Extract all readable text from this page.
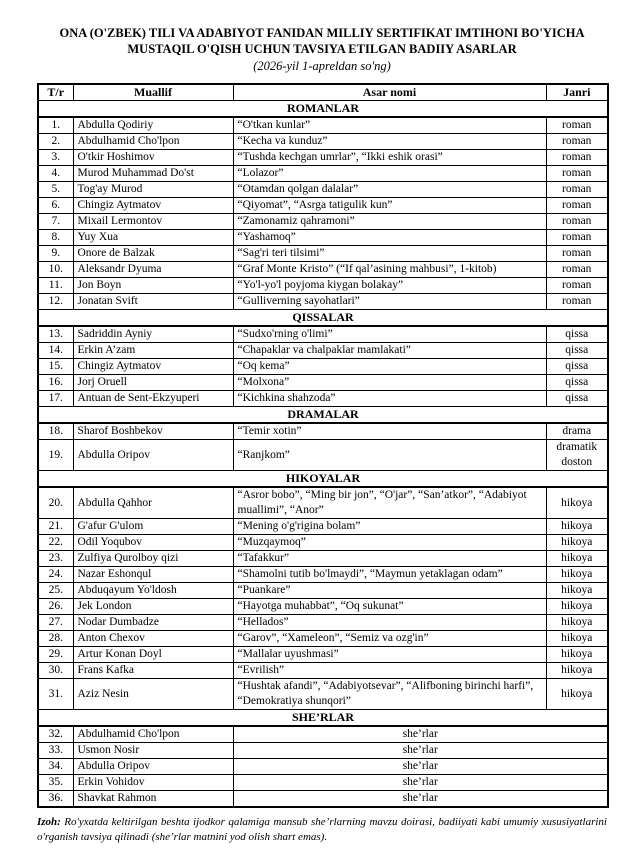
ONA (O'ZBEK) TILI VA ADABIYOT FANIDAN MILLIY SERTIFIKAT IMTIHONI BO'YICHA
MUSTAQIL O'QISH UCHUN TAVSIYA ETILGAN BADIIY ASARLAR
(2026-yil 1-apreldan so'ng)
T/r	Muallif	Asar nomi	Janri
ROMANLAR			
1.	Abdulla Qodiriy	“O'tkan kunlar”	roman
2.	Abdulhamid Cho'lpon	“Kecha va kunduz”	roman
3.	O'tkir Hoshimov	“Tushda kechgan umrlar”, “Ikki eshik orasi”	roman
4.	Murod Muhammad Do'st	“Lolazor”	roman
5.	Tog'ay Murod	“Otamdan qolgan dalalar”	roman
6.	Chingiz Aytmatov	“Qiyomat”, “Asrga tatigulik kun”	roman
7.	Mixail Lermontov	“Zamonamiz qahramoni”	roman
8.	Yuy Xua	“Yashamoq”	roman
9.	Onore de Balzak	“Sag'ri teri tilsimi”	roman
10.	Aleksandr Dyuma	“Graf Monte Kristo” (“If qal’asining mahbusi”, 1-kitob)	roman
11.	Jon Boyn	“Yo'l-yo'l poyjoma kiygan bolakay”	roman
12.	Jonatan Svift	“Gulliverning sayohatlari”	roman
QISSALAR			
13.	Sadriddin Ayniy	“Sudxo'rning o'limi”	qissa
14.	Erkin A’zam	“Chapaklar va chalpaklar mamlakati”	qissa
15.	Chingiz Aytmatov	“Oq kema”	qissa
16.	Jorj Oruell	“Molxona”	qissa
17.	Antuan de Sent-Ekzyuperi	“Kichkina shahzoda”	qissa
DRAMALAR			
18.	Sharof Boshbekov	“Temir xotin”	drama
19.	Abdulla Oripov	“Ranjkom”	dramatik doston
HIKOYALAR			
20.	Abdulla Qahhor	“Asror bobo”, “Ming bir jon”, “O'jar”, “San’atkor”, “Adabiyot muallimi”, “Anor”	hikoya
21.	G'afur G'ulom	“Mening o'g'rigina bolam”	hikoya
22.	Odil Yoqubov	“Muzqaymoq”	hikoya
23.	Zulfiya Qurolboy qizi	“Tafakkur”	hikoya
24.	Nazar Eshonqul	“Shamolni tutib bo'lmaydi”, “Maymun yetaklagan odam”	hikoya
25.	Abduqayum Yo'ldosh	“Puankare”	hikoya
26.	Jek London	“Hayotga muhabbat”, “Oq sukunat”	hikoya
27.	Nodar Dumbadze	“Hellados”	hikoya
28.	Anton Chexov	“Garov”, “Xameleon”, “Semiz va ozg'in”	hikoya
29.	Artur Konan Doyl	“Mallalar uyushmasi”	hikoya
30.	Frans Kafka	“Evrilish”	hikoya
31.	Aziz Nesin	“Hushtak afandi”, “Adabiyotsevar”, “Alifboning birinchi harfi”, “Demokratiya shunqori”	hikoya
SHE’RLAR			
32.	Abdulhamid Cho'lpon	she’rlar	
33.	Usmon Nosir	she’rlar	
34.	Abdulla Oripov	she’rlar	
35.	Erkin Vohidov	she’rlar	
36.	Shavkat Rahmon	she’rlar	
Izoh: Ro'yxatda keltirilgan beshta ijodkor qalamiga mansub she’rlarning mavzu doirasi, badiiyati kabi umumiy xususiyatlarini o'rganish tavsiya qilinadi (she’rlar matnini yod olish shart emas).
